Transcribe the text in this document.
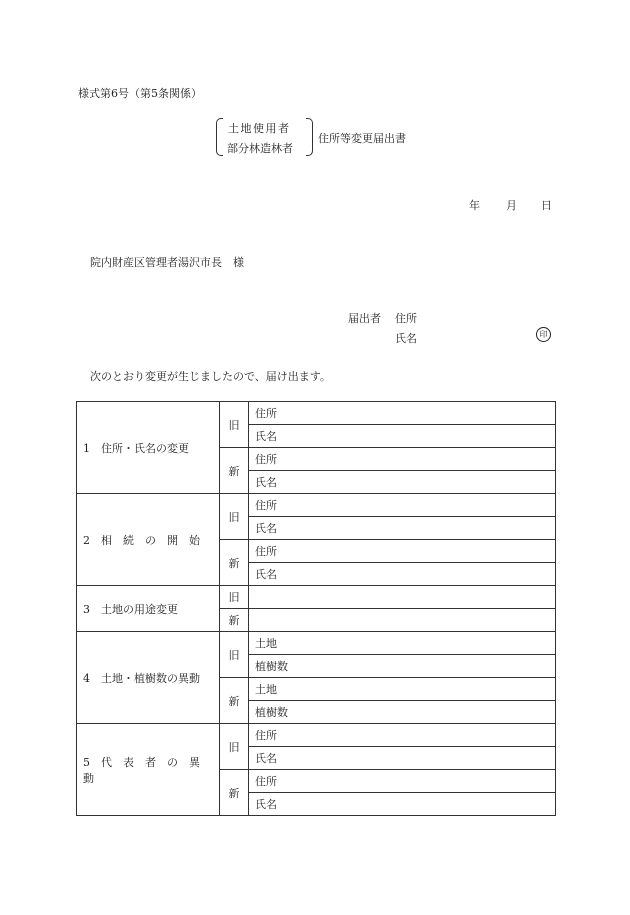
様式第6号（第5条関係）
土地使用者
部分林造林者
住所等変更届出書
年 月 日
院内財産区管理者湯沢市長　様
届出者 住所
氏名	印
次のとおり変更が生じましたので、届け出ます。
1　住所・氏名の変更	旧	住所
		氏名
	新	住所
		氏名
2　相　続　の　開　始	旧	住所
		氏名
	新	住所
		氏名
3　土地の用途変更	旧	
	新	
4　土地・植樹数の異動	旧	土地
		植樹数
	新	土地
		植樹数
5　代　表　者　の　異　動	旧	住所
		氏名
	新	住所
		氏名
